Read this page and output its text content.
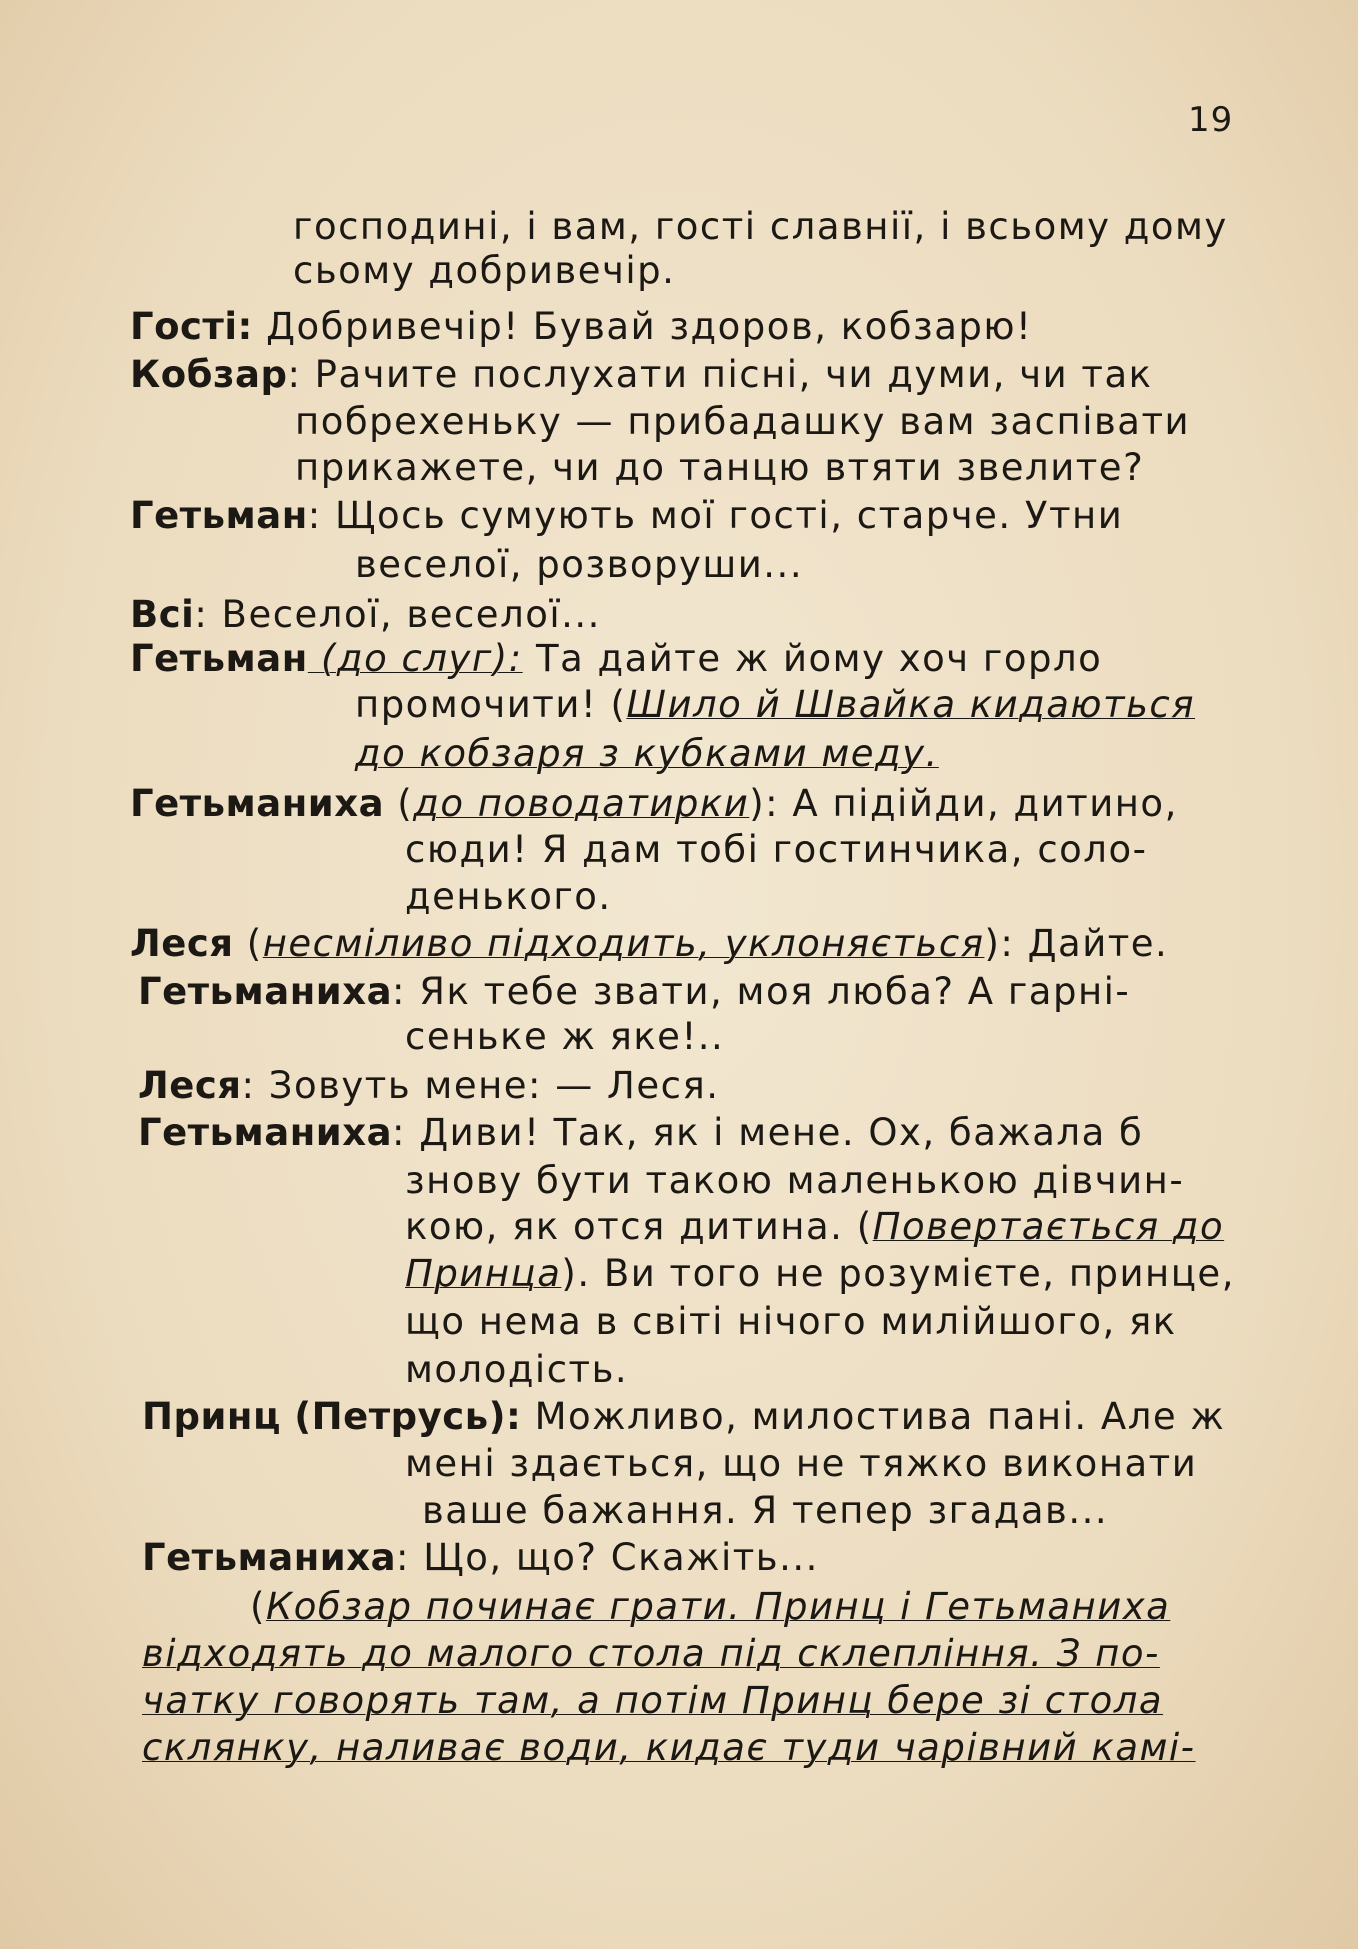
19
господині, і вам, гості славнії, і всьому дому
сьому добривечір.
Гості: Добривечір! Бувай здоров, кобзарю!
Кобзар: Рачите послухати пісні, чи думи, чи так
побрехеньку — прибадашку вам заспівати
прикажете, чи до танцю втяти звелите?
Гетьман: Щось сумують мої гості, старче. Утни
веселої, розворуши...
Всі: Веселої, веселої...
Гетьман (до слуг): Та дайте ж йому хоч горло
промочити! (Шило й Швайка кидаються
до кобзаря з кубками меду.
Гетьманиха (до поводатирки): А підійди, дитино,
сюди! Я дам тобі гостинчика, соло-
денького.
Леся (несміливо підходить, уклоняється): Дайте.
Гетьманиха: Як тебе звати, моя люба? А гарні-
сеньке ж яке!..
Леся: Зовуть мене: — Леся.
Гетьманиха: Диви! Так, як і мене. Ох, бажала б
знову бути такою маленькою дівчин-
кою, як отся дитина. (Повертається до
Принца). Ви того не розумієте, принце,
що нема в світі нічого милійшого, як
молодість.
Принц (Петрусь): Можливо, милостива пані. Але ж
мені здається, що не тяжко виконати
ваше бажання. Я тепер згадав...
Гетьманиха: Що, що? Скажіть...
(Кобзар починає грати. Принц і Гетьманиха
відходять до малого стола під склепління. З по-
чатку говорять там, а потім Принц бере зі стола
склянку, наливає води, кидає туди чарівний камі-
